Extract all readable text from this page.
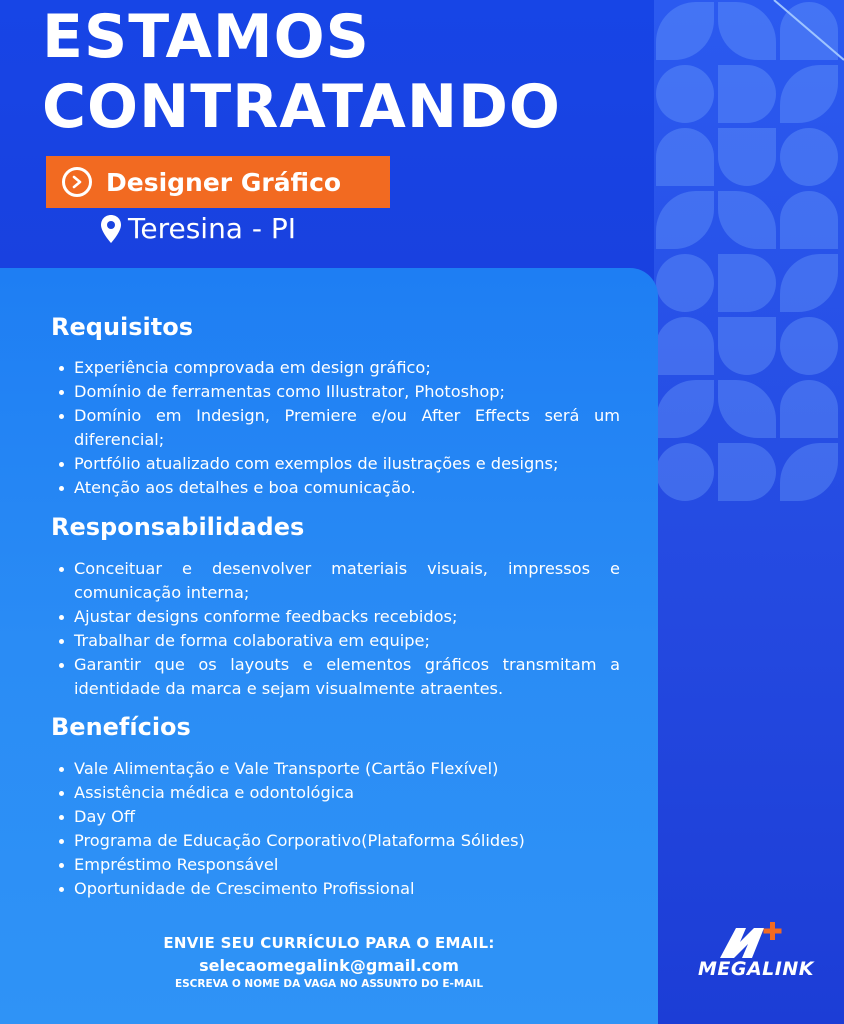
ESTAMOS
CONTRATANDO
Designer Gráfico
Teresina - PI
Requisitos
Experiência comprovada em design gráfico;
Domínio de ferramentas como Illustrator, Photoshop;
Domínio em Indesign, Premiere e/ou After Effects será um diferencial;
Portfólio atualizado com exemplos de ilustrações e designs;
Atenção aos detalhes e boa comunicação.
Responsabilidades
Conceituar e desenvolver materiais visuais, impressos e comunicação interna;
Ajustar designs conforme feedbacks recebidos;
Trabalhar de forma colaborativa em equipe;
Garantir que os layouts e elementos gráficos transmitam a identidade da marca e sejam visualmente atraentes.
Benefícios
Vale Alimentação e Vale Transporte (Cartão Flexível)
Assistência médica e odontológica
Day Off
Programa de Educação Corporativo(Plataforma Sólides)
Empréstimo Responsável
Oportunidade de Crescimento Profissional
ENVIE SEU CURRÍCULO PARA O EMAIL:
selecaomegalink@gmail.com
ESCREVA O NOME DA VAGA NO ASSUNTO DO E-MAIL
MEGALINK
